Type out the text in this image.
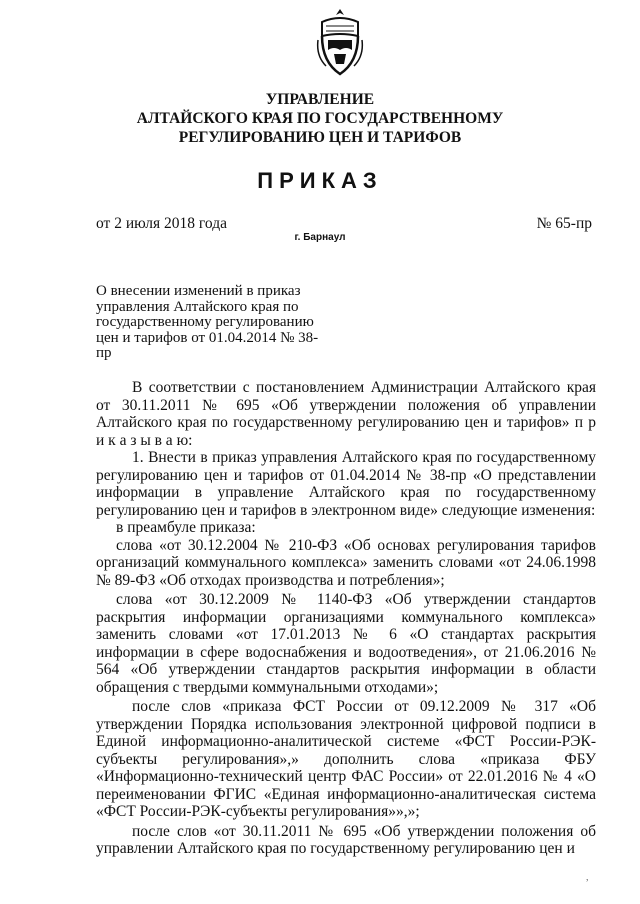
УПРАВЛЕНИЕ
АЛТАЙСКОГО КРАЯ ПО ГОСУДАРСТВЕННОМУ
РЕГУЛИРОВАНИЮ ЦЕН И ТАРИФОВ
ПРИКАЗ
от 2 июля 2018 года	№ 65-пр
г. Барнаул
О внесении изменений в приказ
управления Алтайского края по
государственному регулированию
цен и тарифов от 01.04.2014 № 38-
пр

В соответствии с постановлением Администрации Алтайского края от 30.11.2011 № 695 «Об утверждении положения об управлении Алтайского края по государственному регулированию цен и тарифов» п р и к а з ы в а ю:

1. Внести в приказ управления Алтайского края по государственному регулированию цен и тарифов от 01.04.2014 № 38-пр «О представлении информации в управление Алтайского края по государственному регулированию цен и тарифов в электронном виде» следующие изменения:

в преамбуле приказа:

слова «от 30.12.2004 № 210-ФЗ «Об основах регулирования тарифов организаций коммунального комплекса» заменить словами «от 24.06.1998 № 89-ФЗ «Об отходах производства и потребления»;

слова «от 30.12.2009 № 1140-ФЗ «Об утверждении стандартов раскрытия информации организациями коммунального комплекса» заменить словами «от 17.01.2013 № 6 «О стандартах раскрытия информации в сфере водоснабжения и водоотведения», от 21.06.2016 № 564 «Об утверждении стандартов раскрытия информации в области обращения с твердыми коммунальными отходами»;

после слов «приказа ФСТ России от 09.12.2009 № 317 «Об утверждении Порядка использования электронной цифровой подписи в Единой информационно-аналитической системе «ФСТ России-РЭК-субъекты регулирования»,» дополнить слова «приказа ФБУ «Информационно-технический центр ФАС России» от 22.01.2016 № 4 «О переименовании ФГИС «Единая информационно-аналитическая система «ФСТ России-РЭК-субъекты регулирования»»,»;

после слов «от 30.11.2011 № 695 «Об утверждении положения об управлении Алтайского края по государственному регулированию цен и

,
